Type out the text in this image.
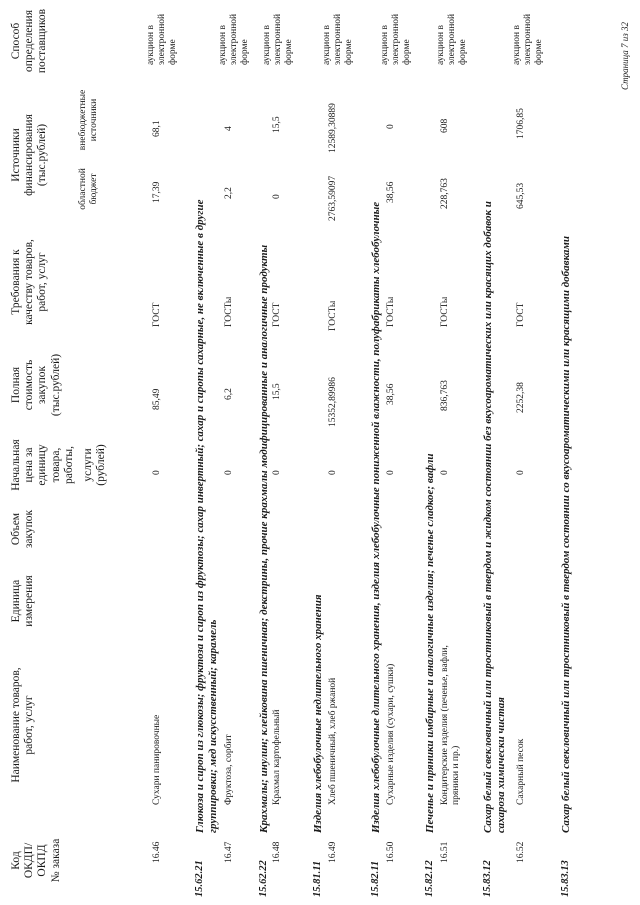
Код ОКДП/ ОКПД № заказа
Наименование товаров, работ, услуг
Единица измерения
Объем закупок
Начальная цена за единицу товара, работы, услуги (рублей)
Полная стоимость закупок (тыс.рублей)
Требования к качеству товаров, работ, услуг
Источники финансирования (тыс.рублей)
областной бюджет
внебюджетные источники
Способ определения поставщиков
16.46
Сухари панировочные
0
85,49
ГОСТ
17,39
68,1
аукцион в электронной форме
15.62.21
Глюкоза и сироп из глюкозы; фруктоза и сироп из фруктозы; сахар инвертный; сахар и сиропы сахарные, не включенные в другие группировки; мед искусственный; карамель
16.47
Фруктоза, сорбит
0
6,2
ГОСТы
2,2
4
аукцион в электронной форме
15.62.22
Крахмалы; инулин; клейковина пшеничная; декстрины, прочие крахмалы модифицированные и аналогичные продукты
16.48
Крахмал картофельный
0
15,5
ГОСТ
0
15,5
аукцион в электронной форме
15.81.11
Изделия хлебобулочные недлительного хранения
16.49
Хлеб пшеничный, хлеб ржаной
0
15352,89986
ГОСТы
2763,59097
12589,30889
аукцион в электронной форме
15.82.11
Изделия хлебобулочные длительного хранения, изделия хлебобулочные пониженной влажности, полуфабрикаты хлебобулочные
16.50
Сухарные изделия (сухари, сушки)
0
38,56
ГОСТы
38,56
0
аукцион в электронной форме
15.82.12
Печенье и пряники имбирные и аналогичные изделия; печенье сладкое; вафли
16.51
Кондитерские изделия (печенье, вафли, пряники и пр.)
0
836,763
ГОСТы
228,763
608
аукцион в электронной форме
15.83.12
Сахар белый свекловичный или тростниковый в твердом и жидком состоянии без вкусоароматических или красящих добавок и сахароза химически чистая
16.52
Сахарный песок
0
2252,38
ГОСТ
645,53
1706,85
аукцион в электронной форме
15.83.13
Сахар белый свекловичный или тростниковый в твердом состоянии со вкусоароматическими или красящими добавками
Страница 7 из 32
